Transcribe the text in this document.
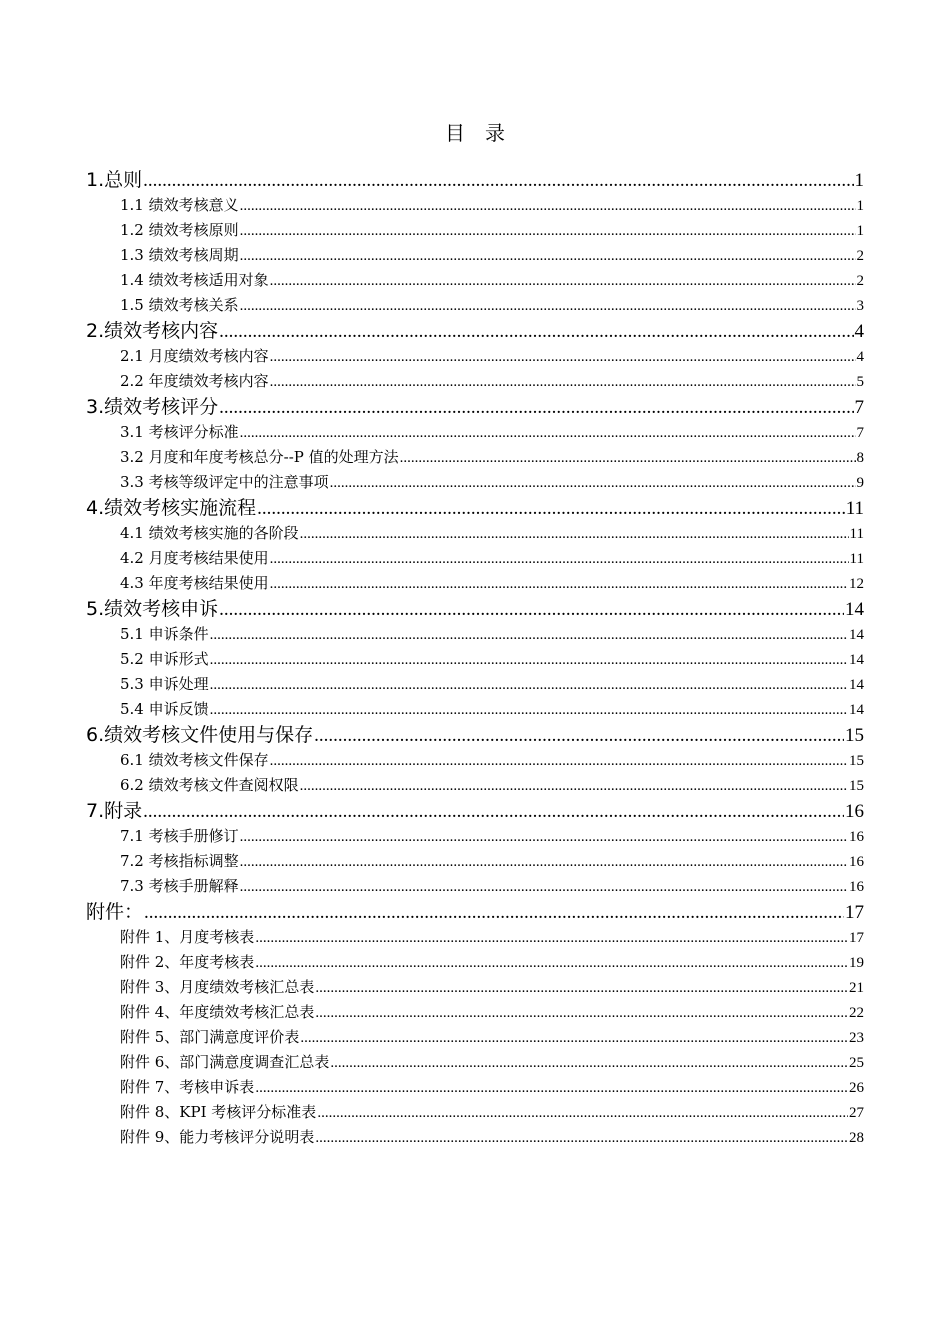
目　录
1.总则 .....	1
1.1 绩效考核意义 .....	1
1.2 绩效考核原则 .....	1
1.3 绩效考核周期 .....	2
1.4 绩效考核适用对象 .....	2
1.5 绩效考核关系 .....	3
2.绩效考核内容 .....	4
2.1 月度绩效考核内容 .....	4
2.2 年度绩效考核内容 .....	5
3.绩效考核评分 .....	7
3.1 考核评分标准 .....	7
3.2 月度和年度考核总分--P 值的处理方法 .....	8
3.3 考核等级评定中的注意事项 .....	9
4.绩效考核实施流程 .....	11
4.1 绩效考核实施的各阶段 .....	11
4.2 月度考核结果使用 .....	11
4.3 年度考核结果使用 .....	12
5.绩效考核申诉 .....	14
5.1 申诉条件 .....	14
5.2 申诉形式 .....	14
5.3 申诉处理 .....	14
5.4 申诉反馈 .....	14
6.绩效考核文件使用与保存 .....	15
6.1 绩效考核文件保存 .....	15
6.2 绩效考核文件查阅权限 .....	15
7.附录 .....	16
7.1 考核手册修订 .....	16
7.2 考核指标调整 .....	16
7.3 考核手册解释 .....	16
附件： .....	17
附件 1、月度考核表 .....	17
附件 2、年度考核表 .....	19
附件 3、月度绩效考核汇总表 .....	21
附件 4、年度绩效考核汇总表 .....	22
附件 5、部门满意度评价表 .....	23
附件 6、部门满意度调查汇总表 .....	25
附件 7、考核申诉表 .....	26
附件 8、KPI 考核评分标准表 .....	27
附件 9、能力考核评分说明表 .....	28
